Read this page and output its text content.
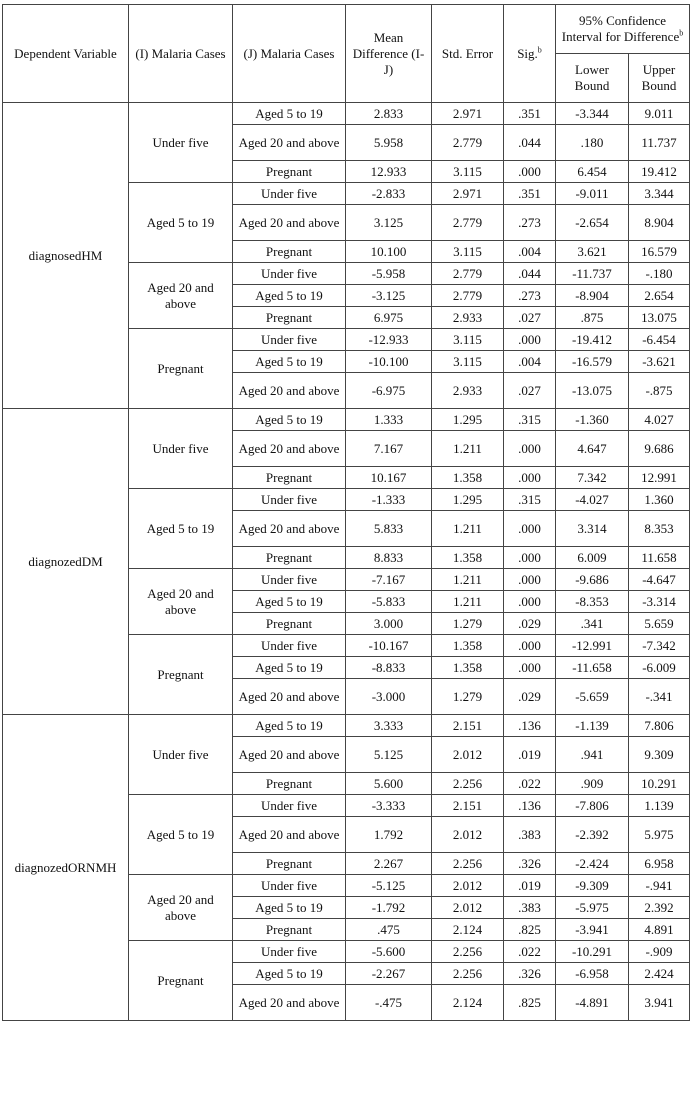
Dependent Variable	(I) Malaria Cases	(J) Malaria Cases	Mean Difference (I-J)	Std. Error	Sig.$^b$	95% Confidence Interval for Difference$^b$
						Lower Bound	Upper Bound
diagnosedHM	Under five	Aged 5 to 19	2.833	2.971	.351	-3.344	9.011
		Aged 20 and above	5.958	2.779	.044	.180	11.737
		Pregnant	12.933	3.115	.000	6.454	19.412
	Aged 5 to 19	Under five	-2.833	2.971	.351	-9.011	3.344
		Aged 20 and above	3.125	2.779	.273	-2.654	8.904
		Pregnant	10.100	3.115	.004	3.621	16.579
	Aged 20 and above	Under five	-5.958	2.779	.044	-11.737	-.180
		Aged 5 to 19	-3.125	2.779	.273	-8.904	2.654
		Pregnant	6.975	2.933	.027	.875	13.075
	Pregnant	Under five	-12.933	3.115	.000	-19.412	-6.454
		Aged 5 to 19	-10.100	3.115	.004	-16.579	-3.621
		Aged 20 and above	-6.975	2.933	.027	-13.075	-.875
diagnozedDM	Under five	Aged 5 to 19	1.333	1.295	.315	-1.360	4.027
		Aged 20 and above	7.167	1.211	.000	4.647	9.686
		Pregnant	10.167	1.358	.000	7.342	12.991
	Aged 5 to 19	Under five	-1.333	1.295	.315	-4.027	1.360
		Aged 20 and above	5.833	1.211	.000	3.314	8.353
		Pregnant	8.833	1.358	.000	6.009	11.658
	Aged 20 and above	Under five	-7.167	1.211	.000	-9.686	-4.647
		Aged 5 to 19	-5.833	1.211	.000	-8.353	-3.314
		Pregnant	3.000	1.279	.029	.341	5.659
	Pregnant	Under five	-10.167	1.358	.000	-12.991	-7.342
		Aged 5 to 19	-8.833	1.358	.000	-11.658	-6.009
		Aged 20 and above	-3.000	1.279	.029	-5.659	-.341
diagnozedORNMH	Under five	Aged 5 to 19	3.333	2.151	.136	-1.139	7.806
		Aged 20 and above	5.125	2.012	.019	.941	9.309
		Pregnant	5.600	2.256	.022	.909	10.291
	Aged 5 to 19	Under five	-3.333	2.151	.136	-7.806	1.139
		Aged 20 and above	1.792	2.012	.383	-2.392	5.975
		Pregnant	2.267	2.256	.326	-2.424	6.958
	Aged 20 and above	Under five	-5.125	2.012	.019	-9.309	-.941
		Aged 5 to 19	-1.792	2.012	.383	-5.975	2.392
		Pregnant	.475	2.124	.825	-3.941	4.891
	Pregnant	Under five	-5.600	2.256	.022	-10.291	-.909
		Aged 5 to 19	-2.267	2.256	.326	-6.958	2.424
		Aged 20 and above	-.475	2.124	.825	-4.891	3.941
